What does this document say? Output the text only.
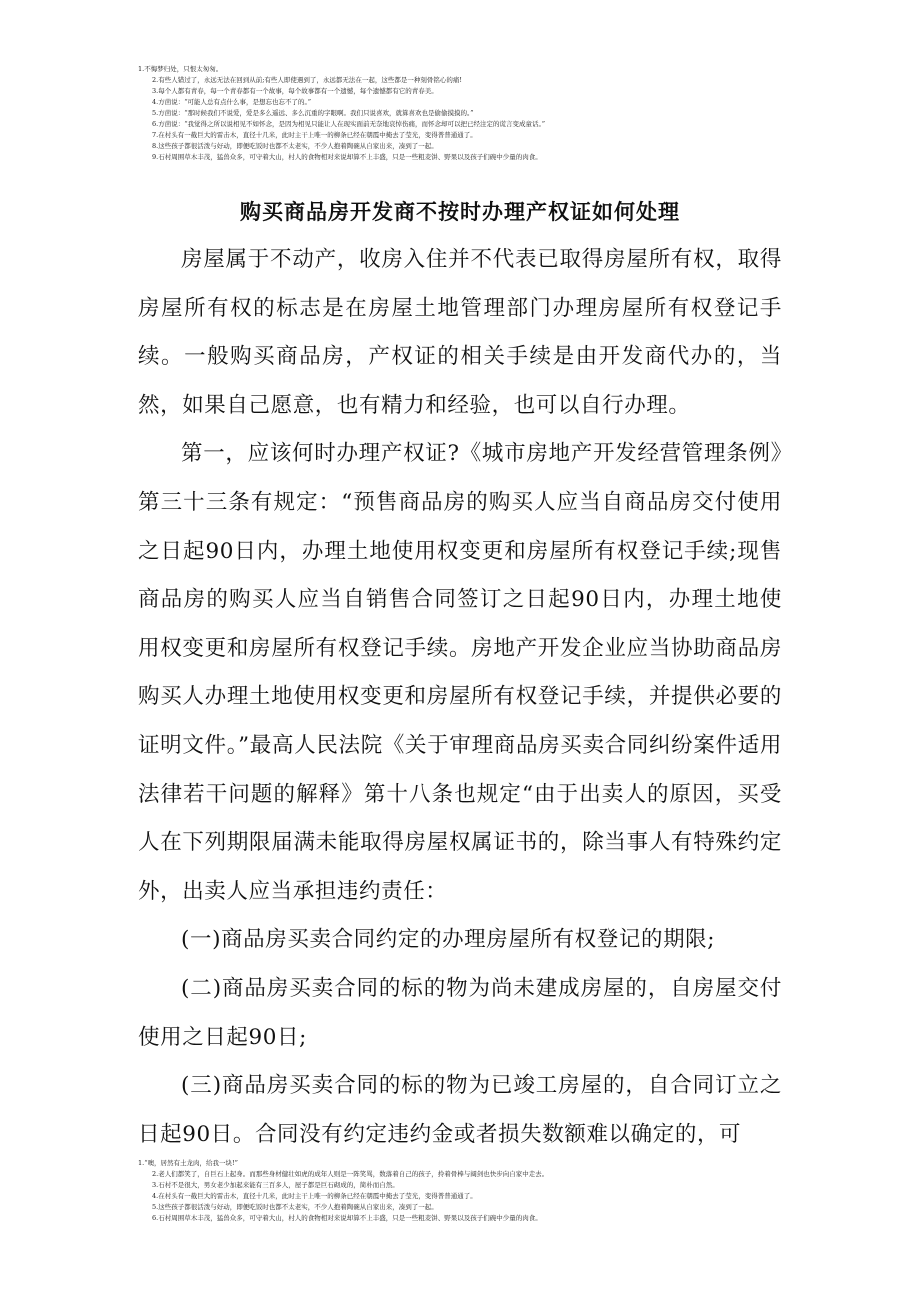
1.不悔梦归处，只恨太匆匆。
2.有些人错过了，永远无法在回到从前;有些人即使遇到了，永远都无法在一起，这些都是一种刻骨铭心的痛!
3.每个人都有青春，每一个青春都有一个故事，每个故事都有一个遗憾，每个遗憾都有它的青春美。
4.方茴说：“可能人总有点什么事，是想忘也忘不了的。”
5.方茴说：“那时候我们不说爱，爱是多么遥远、多么沉重的字眼啊。我们只说喜欢，就算喜欢也是偷偷摸摸的。”
6.方茴说：“我觉得之所以说相见不如怀念，是因为相见只能让人在现实面前无奈地哀悼伤痛，而怀念却可以把已经注定的谎言变成童话。”
7.在村头有一截巨大的雷击木，直径十几米，此时主干上唯一的柳条已经在朝霞中掩去了莹光，变得普普通通了。
8.这些孩子都很活泼与好动，即便吃饭时也都不太老实，不少人抱着陶碗从自家出来，凑到了一起。
9.石村周围草木丰茂，猛兽众多，可守着大山，村人的食物相对来说却算不上丰盛，只是一些粗麦饼、野果以及孩子们碗中少量的肉食。
购买商品房开发商不按时办理产权证如何处理

房屋属于不动产，收房入住并不代表已取得房屋所有权，取得房屋所有权的标志是在房屋土地管理部门办理房屋所有权登记手续。一般购买商品房，产权证的相关手续是由开发商代办的，当然，如果自己愿意，也有精力和经验，也可以自行办理。

第一，应该何时办理产权证?《城市房地产开发经营管理条例》第三十三条有规定：“预售商品房的购买人应当自商品房交付使用之日起90日内，办理土地使用权变更和房屋所有权登记手续;现售商品房的购买人应当自销售合同签订之日起90日内，办理土地使用权变更和房屋所有权登记手续。房地产开发企业应当协助商品房购买人办理土地使用权变更和房屋所有权登记手续，并提供必要的证明文件。”最高人民法院《关于审理商品房买卖合同纠纷案件适用法律若干问题的解释》第十八条也规定“由于出卖人的原因，买受人在下列期限届满未能取得房屋权属证书的，除当事人有特殊约定外，出卖人应当承担违约责任：

(一)商品房买卖合同约定的办理房屋所有权登记的期限;

(二)商品房买卖合同的标的物为尚未建成房屋的，自房屋交付使用之日起90日;

(三)商品房买卖合同的标的物为已竣工房屋的，自合同订立之日起90日。合同没有约定违约金或者损失数额难以确定的，可

1.“噢，居然有土龙肉，给我一块!”
2.老人们都笑了，自巨石上起身。而那些身材健壮如虎的成年人则是一阵笑骂，数落着自己的孩子，拎着骨棒与阔剑也快步向自家中走去。
3.石村不是很大，男女老少加起来能有三百多人，屋子都是巨石砌成的，简朴而自然。
4.在村头有一截巨大的雷击木，直径十几米，此时主干上唯一的柳条已经在朝霞中掩去了莹光，变得普普通通了。
5.这些孩子都很活泼与好动，即便吃饭时也都不太老实，不少人抱着陶碗从自家出来，凑到了一起。
6.石村周围草木丰茂，猛兽众多，可守着大山，村人的食物相对来说却算不上丰盛，只是一些粗麦饼、野果以及孩子们碗中少量的肉食。
